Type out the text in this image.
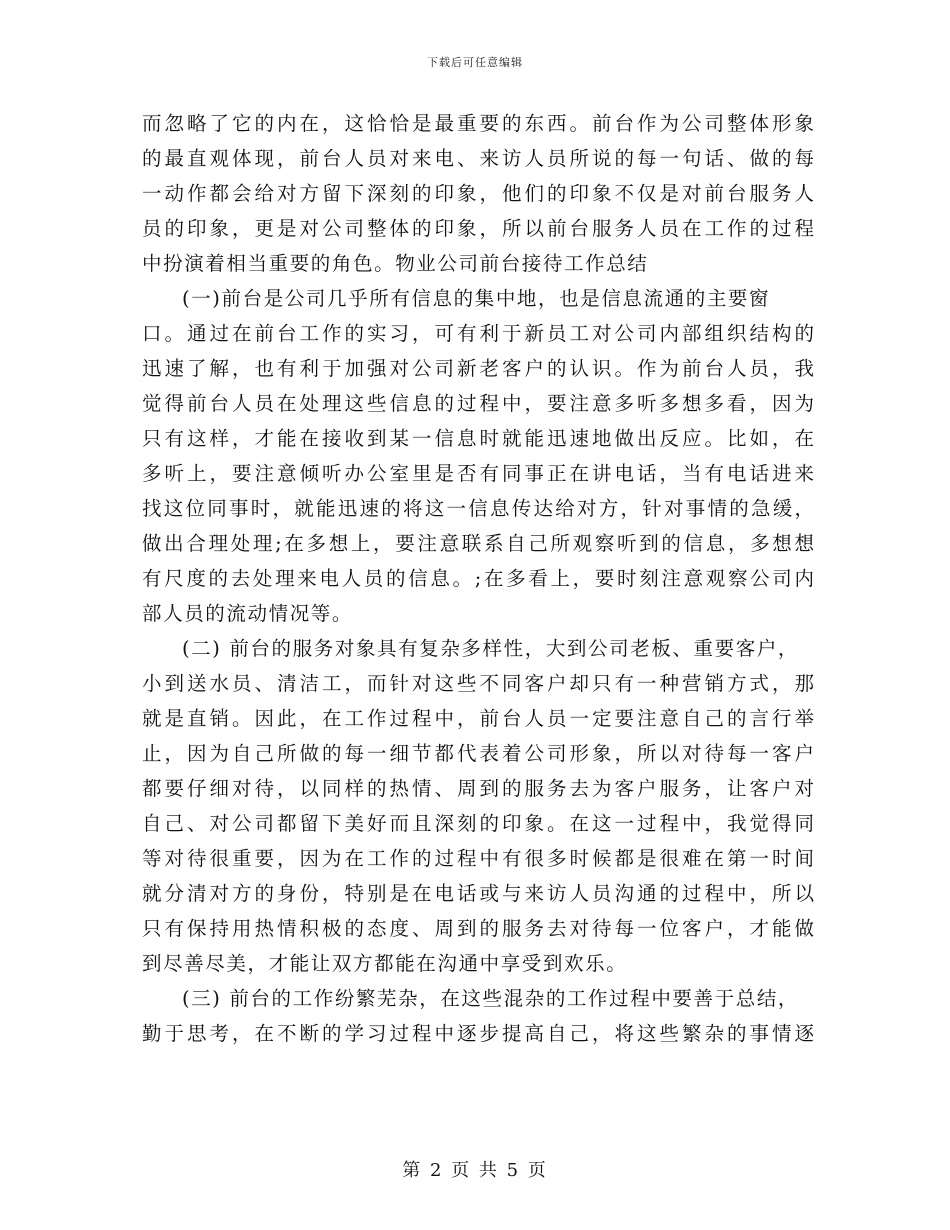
下载后可任意编辑
而忽略了它的内在，这恰恰是最重要的东西。前台作为公司整体形象
的最直观体现，前台人员对来电、来访人员所说的每一句话、做的每
一动作都会给对方留下深刻的印象，他们的印象不仅是对前台服务人
员的印象，更是对公司整体的印象，所以前台服务人员在工作的过程
中扮演着相当重要的角色。物业公司前台接待工作总结
(一)前台是公司几乎所有信息的集中地，也是信息流通的主要窗
口。通过在前台工作的实习，可有利于新员工对公司内部组织结构的
迅速了解，也有利于加强对公司新老客户的认识。作为前台人员，我
觉得前台人员在处理这些信息的过程中，要注意多听多想多看，因为
只有这样，才能在接收到某一信息时就能迅速地做出反应。比如，在
多听上，要注意倾听办公室里是否有同事正在讲电话，当有电话进来
找这位同事时，就能迅速的将这一信息传达给对方，针对事情的急缓，
做出合理处理;在多想上，要注意联系自己所观察听到的信息，多想想
有尺度的去处理来电人员的信息。;在多看上，要时刻注意观察公司内
部人员的流动情况等。
(二) 前台的服务对象具有复杂多样性，大到公司老板、重要客户，
小到送水员、清洁工，而针对这些不同客户却只有一种营销方式，那
就是直销。因此，在工作过程中，前台人员一定要注意自己的言行举
止，因为自己所做的每一细节都代表着公司形象，所以对待每一客户
都要仔细对待，以同样的热情、周到的服务去为客户服务，让客户对
自己、对公司都留下美好而且深刻的印象。在这一过程中，我觉得同
等对待很重要，因为在工作的过程中有很多时候都是很难在第一时间
就分清对方的身份，特别是在电话或与来访人员沟通的过程中，所以
只有保持用热情积极的态度、周到的服务去对待每一位客户，才能做
到尽善尽美，才能让双方都能在沟通中享受到欢乐。
(三) 前台的工作纷繁芜杂，在这些混杂的工作过程中要善于总结，
勤于思考，在不断的学习过程中逐步提高自己，将这些繁杂的事情逐
第 2 页 共 5 页
